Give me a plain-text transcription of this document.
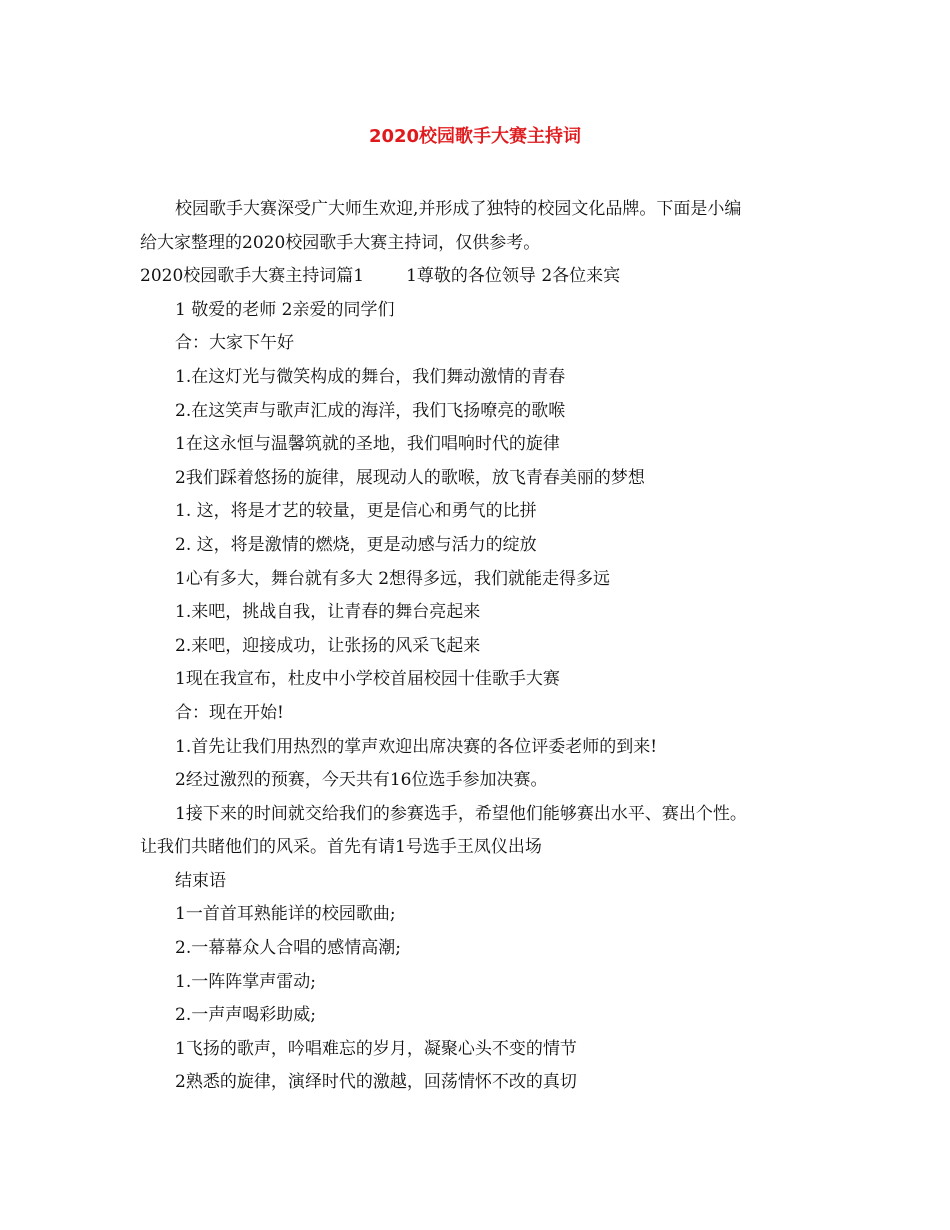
2020校园歌手大赛主持词
校园歌手大赛深受广大师生欢迎,并形成了独特的校园文化品牌。下面是小编
给大家整理的2020校园歌手大赛主持词，仅供参考。
2020校园歌手大赛主持词篇1 1尊敬的各位领导 2各位来宾
1 敬爱的老师 2亲爱的同学们
合：大家下午好
1.在这灯光与微笑构成的舞台，我们舞动激情的青春
2.在这笑声与歌声汇成的海洋，我们飞扬嘹亮的歌喉
1在这永恒与温馨筑就的圣地，我们唱响时代的旋律
2我们踩着悠扬的旋律，展现动人的歌喉，放飞青春美丽的梦想
1. 这，将是才艺的较量，更是信心和勇气的比拼
2. 这，将是激情的燃烧，更是动感与活力的绽放
1心有多大，舞台就有多大 2想得多远，我们就能走得多远
1.来吧，挑战自我，让青春的舞台亮起来
2.来吧，迎接成功，让张扬的风采飞起来
1现在我宣布，杜皮中小学校首届校园十佳歌手大赛
合：现在开始!
1.首先让我们用热烈的掌声欢迎出席决赛的各位评委老师的到来!
2经过激烈的预赛，今天共有16位选手参加决赛。
1接下来的时间就交给我们的参赛选手，希望他们能够赛出水平、赛出个性。
让我们共睹他们的风采。首先有请1号选手王凤仪出场
结束语
1一首首耳熟能详的校园歌曲;
2.一幕幕众人合唱的感情高潮;
1.一阵阵掌声雷动;
2.一声声喝彩助威;
1飞扬的歌声，吟唱难忘的岁月，凝聚心头不变的情节
2熟悉的旋律，演绎时代的激越，回荡情怀不改的真切
